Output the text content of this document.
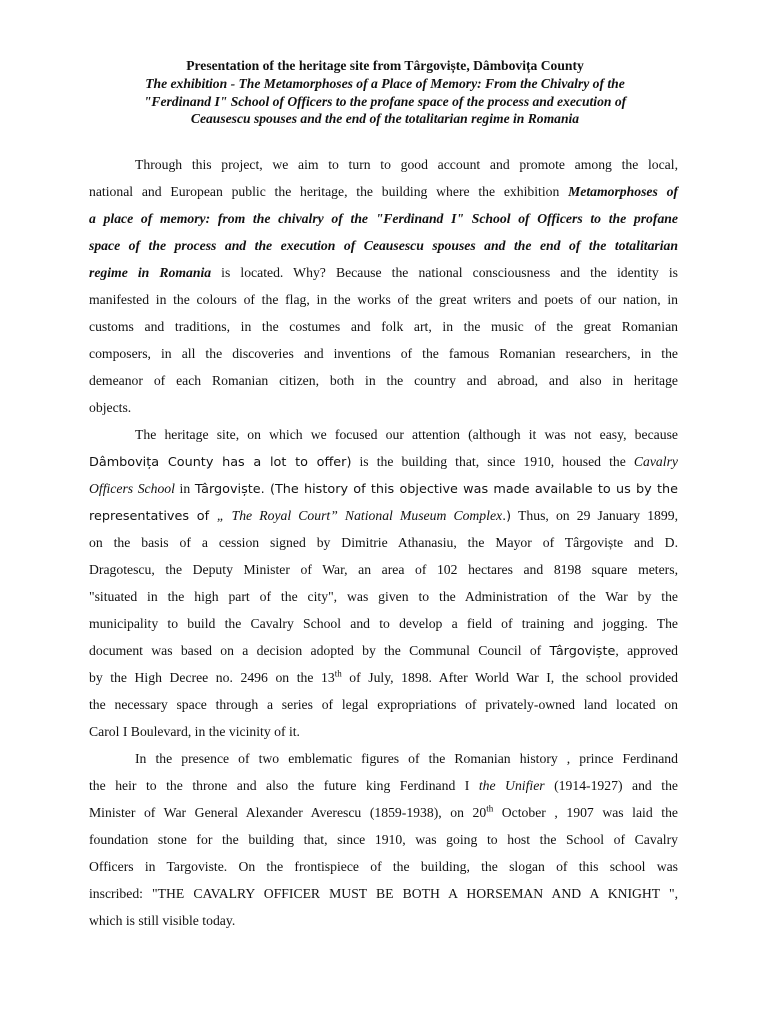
Presentation of the heritage site from Târgoviște, Dâmbovița County
The exhibition - The Metamorphoses of a Place of Memory: From the Chivalry of the
"Ferdinand I" School of Officers to the profane space of the process and execution of
Ceausescu spouses and the end of the totalitarian regime in Romania
Through this project, we aim to turn to good account and promote among the local,
national and European public the heritage, the building where the exhibition Metamorphoses of
a place of memory: from the chivalry of the "Ferdinand I" School of Officers to the profane
space of the process and the execution of Ceausescu spouses and the end of the totalitarian
regime in Romania is located. Why? Because the national consciousness and the identity is
manifested in the colours of the flag, in the works of the great writers and poets of our nation, in
customs and traditions, in the costumes and folk art, in the music of the great Romanian
composers, in all the discoveries and inventions of the famous Romanian researchers, in the
demeanor of each Romanian citizen, both in the country and abroad, and also in heritage
objects.
The heritage site, on which we focused our attention (although it was not easy, because
Dâmbovița County has a lot to offer) is the building that, since 1910, housed the Cavalry
Officers School in Târgoviște. (The history of this objective was made available to us by the
representatives of „ The Royal Court” National Museum Complex.) Thus, on 29 January 1899,
on the basis of a cession signed by Dimitrie Athanasiu, the Mayor of Târgoviște and D.
Dragotescu, the Deputy Minister of War, an area of 102 hectares and 8198 square meters,
"situated in the high part of the city", was given to the Administration of the War by the
municipality to build the Cavalry School and to develop a field of training and jogging. The
document was based on a decision adopted by the Communal Council of Târgoviște, approved
by the High Decree no. 2496 on the 13th of July, 1898. After World War I, the school provided
the necessary space through a series of legal expropriations of privately-owned land located on
Carol I Boulevard, in the vicinity of it.
In the presence of two emblematic figures of the Romanian history , prince Ferdinand
the heir to the throne and also the future king Ferdinand I the Unifier (1914-1927) and the
Minister of War General Alexander Averescu (1859-1938), on 20th October , 1907 was laid the
foundation stone for the building that, since 1910, was going to host the School of Cavalry
Officers in Targoviste. On the frontispiece of the building, the slogan of this school was
inscribed: "THE CAVALRY OFFICER MUST BE BOTH A HORSEMAN AND A KNIGHT ",
which is still visible today.
